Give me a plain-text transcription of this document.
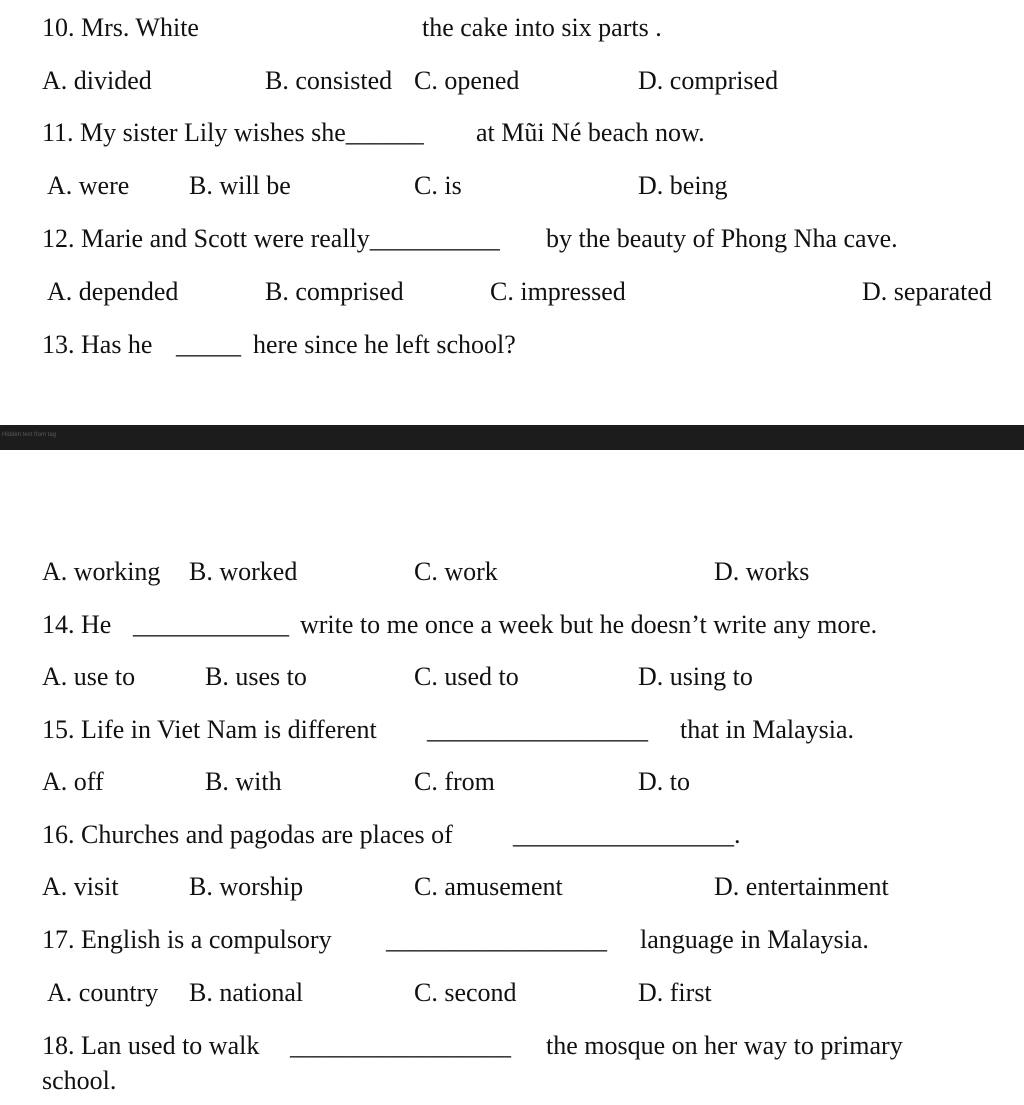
10. Mrs. White	the cake into six parts .
A. divided	B. consisted C. opened	D. comprised
11. My sister Lily wishes she______ at Mũi Né beach now.
A. were B. will be	C. is	D. being
12. Marie and Scott were really__________ by the beauty of Phong Nha cave.
A. depended	B. comprised	C. impressed	D. separated
13. Has he _____ here since he left school?
Hidden text from tag
A. working B. worked	C. work	D. works
14. He ____________ write to me once a week but he doesn’t write any more.
A. use to	B. uses to	C. used to	D. using to
15. Life in Viet Nam is different _________________ that in Malaysia.
A. off	B. with	C. from	D. to
16. Churches and pagodas are places of _________________.
A. visit	B. worship	C. amusement	D. entertainment
17. English is a compulsory _________________ language in Malaysia.
A. country B. national	C. second	D. first
18. Lan used to walk _________________ the mosque on her way to primary
school.
